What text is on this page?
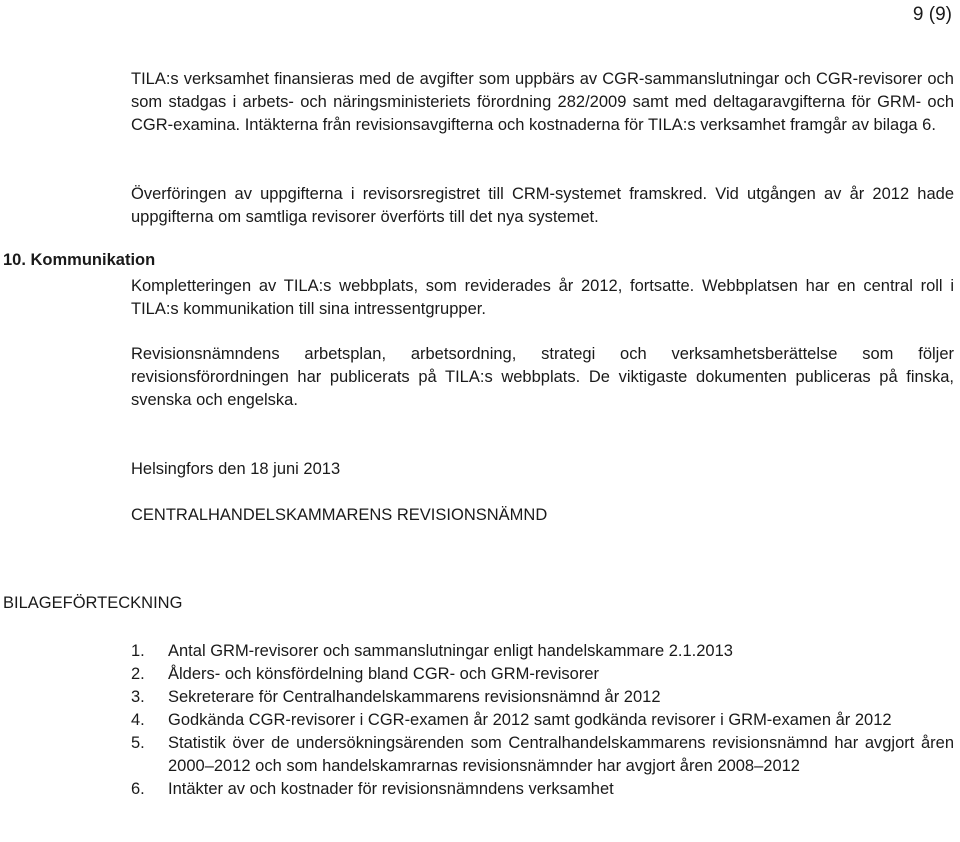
9 (9)
TILA:s verksamhet finansieras med de avgifter som uppbärs av CGR-sammanslutningar och CGR-revisorer och som stadgas i arbets- och näringsministeriets förordning 282/2009 samt med deltagaravgifterna för GRM- och CGR-examina. Intäkterna från revisionsavgifterna och kostnaderna för TILA:s verksamhet framgår av bilaga 6.
Överföringen av uppgifterna i revisorsregistret till CRM-systemet framskred. Vid utgången av år 2012 hade uppgifterna om samtliga revisorer överförts till det nya systemet.
10. Kommunikation
Kompletteringen av TILA:s webbplats, som reviderades år 2012, fortsatte. Webbplatsen har en central roll i TILA:s kommunikation till sina intressentgrupper.
Revisionsnämndens arbetsplan, arbetsordning, strategi och verksamhetsberättelse som följer revisionsförordningen har publicerats på TILA:s webbplats. De viktigaste dokumenten publiceras på finska, svenska och engelska.
Helsingfors den 18 juni 2013
CENTRALHANDELSKAMMARENS REVISIONSNÄMND
BILAGEFÖRTECKNING
1.	Antal GRM-revisorer och sammanslutningar enligt handelskammare 2.1.2013
2.	Ålders- och könsfördelning bland CGR- och GRM-revisorer
3.	Sekreterare för Centralhandelskammarens revisionsnämnd år 2012
4.	Godkända CGR-revisorer i CGR-examen år 2012 samt godkända revisorer i GRM-examen år 2012
5.	Statistik över de undersökningsärenden som Centralhandelskammarens revisionsnämnd har avgjort åren 2000–2012 och som handelskamrarnas revisionsnämnder har avgjort åren 2008–2012
6.	Intäkter av och kostnader för revisionsnämndens verksamhet
